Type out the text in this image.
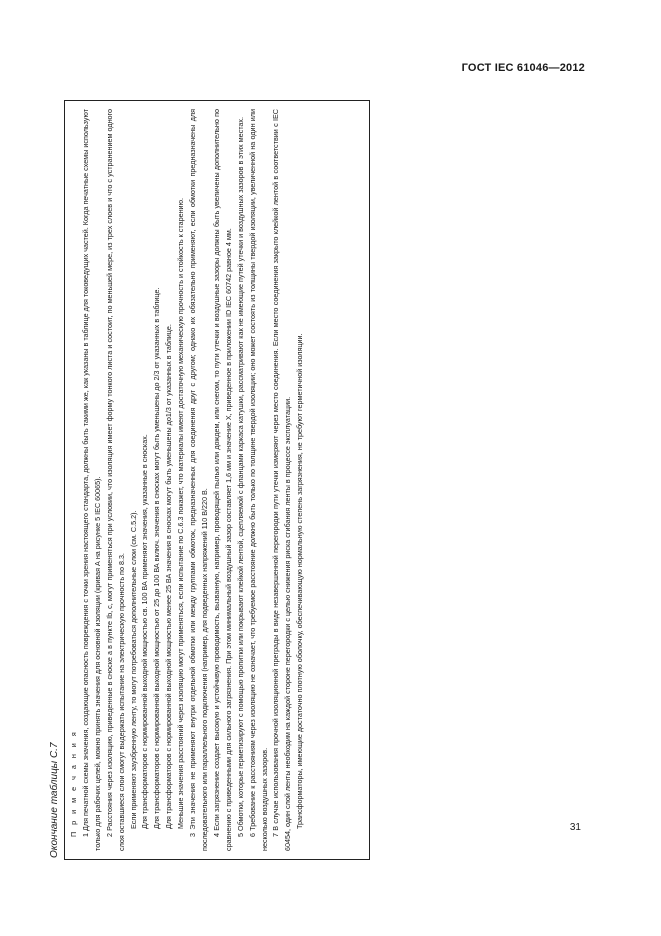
ГОСТ IEC 61046—2012
Окончание таблицы С.7 П р и м е ч а н и я 1 Для печатной схемы значения, создающие опасность повреждения с точки зрения настоящего стандарта, должны быть такими же, как указаны в таблице для токоведущих частей. Когда печатные схемы используют только для рабочих целей, можно принять значения для основной изоляции (кривая А на рисунке 5 IEC 60065). 2 Расстояния через изоляцию, приведенные в сноске а в пункте Ib, с, могут применяться при условии, что изоляция имеет форму тонкого листа и состоит, по меньшей мере, из трех слоев и что с устранением одного слоя оставшиеся слои смогут выдержать испытание на электрическую прочность по 8.3. Если применяют заузбренную ленту, то могут потребоваться дополнительные слои (см. С.5.2). Для трансформаторов с нормированной выходной мощностью св. 100 ВА применяют значения, указанные в сносках. Для трансформаторов с нормированной выходной мощностью от 25 до 100 ВА включ. значения в сносках могут быть уменьшены до 2/3 от указанных в таблице. Для трансформаторов с нормированной выходной мощностью менее 25 ВА значения в сносках могут быть уменьшены до1/3 от указанных в таблице. Меньшие значения расстояний через изоляцию могут применяться, если испытание по С.6.3 покажет, что материалы имеют достаточную механическую прочность и стойкость к старению. 3 Эти значения не применяют внутри отдельной обмотки или между группами обмоток, предназначенных для соединения друг с другом; однако их обязательно применяют, если обмотки предназначены для последовательного или параллельного подключения (например, для подведенных напряжений 110 В/220 В. 4 Если загрязнение создает высокую и устойчивую проводимость, вызванную, например, проводящей пылью или дождем, или снегом, то пути утечки и воздушные зазоры должны быть увеличены дополнительно по сравнению с приведенными для сильного загрязнения. При этом минимальный воздушный зазор составляет 1,6 мм и значение Х, приведенное в приложении ID IEC 60742 равное 4 мм. 5 Обмотки, которые герметизируют с помощью пропитки или покрывают клейкой лентой, сцепляемой с фланцами каркаса катушки, рассматривают как не имеющие путей утечки и воздушных зазоров в этих местах. 6 Требование к расстояниям через изоляцию не означает, что требуемое расстояние должно быть только по толщине твердой изоляции; оно может состоять из толщины твердой изоляции, увеличенной на один или несколько воздушных зазоров. 7 В случае использования прочной изоляционной преграды в виде незавершенной перегородки пути утечки измеряют через место соединения. Если место соединения закрыто клейкой лентой в соответствии с IEC 60454, один слой ленты необходим на каждой стороне перегородки с целью снижения риска сгибания ленты в процессе эксплуатации. Трансформаторы, имеющие достаточно плотную оболочку, обеспечивающую нормальную степень загрязнения, не требуют герметичной изоляции.	31
